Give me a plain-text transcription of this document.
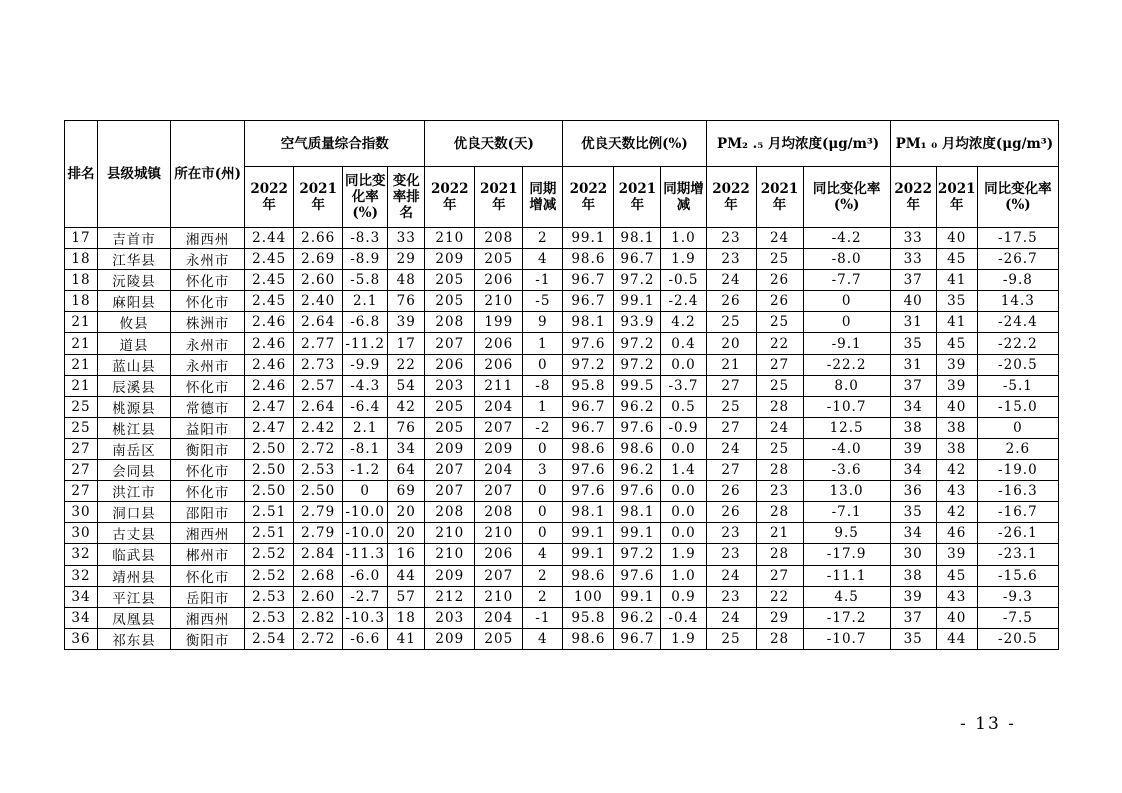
排名	县级城镇	所在市(州)	空气质量综合指数				优良天数(天)			优良天数比例(%)			PM₂ .₅ 月均浓度(μg/m³)			PM₁ ₀ 月均浓度(μg/m³)		
			2022年	2021年	同比变化率(%)	变化率排名	2022年	2021年	同期增减	2022年	2021年	同期增减	2022年	2021年	同比变化率(%)	2022年	2021年	同比变化率(%)
17	吉首市	湘西州	2.44	2.66	-8.3	33	210	208	2	99.1	98.1	1.0	23	24	-4.2	33	40	-17.5
18	江华县	永州市	2.45	2.69	-8.9	29	209	205	4	98.6	96.7	1.9	23	25	-8.0	33	45	-26.7
18	沅陵县	怀化市	2.45	2.60	-5.8	48	205	206	-1	96.7	97.2	-0.5	24	26	-7.7	37	41	-9.8
18	麻阳县	怀化市	2.45	2.40	2.1	76	205	210	-5	96.7	99.1	-2.4	26	26	0	40	35	14.3
21	攸县	株洲市	2.46	2.64	-6.8	39	208	199	9	98.1	93.9	4.2	25	25	0	31	41	-24.4
21	道县	永州市	2.46	2.77	-11.2	17	207	206	1	97.6	97.2	0.4	20	22	-9.1	35	45	-22.2
21	蓝山县	永州市	2.46	2.73	-9.9	22	206	206	0	97.2	97.2	0.0	21	27	-22.2	31	39	-20.5
21	辰溪县	怀化市	2.46	2.57	-4.3	54	203	211	-8	95.8	99.5	-3.7	27	25	8.0	37	39	-5.1
25	桃源县	常德市	2.47	2.64	-6.4	42	205	204	1	96.7	96.2	0.5	25	28	-10.7	34	40	-15.0
25	桃江县	益阳市	2.47	2.42	2.1	76	205	207	-2	96.7	97.6	-0.9	27	24	12.5	38	38	0
27	南岳区	衡阳市	2.50	2.72	-8.1	34	209	209	0	98.6	98.6	0.0	24	25	-4.0	39	38	2.6
27	会同县	怀化市	2.50	2.53	-1.2	64	207	204	3	97.6	96.2	1.4	27	28	-3.6	34	42	-19.0
27	洪江市	怀化市	2.50	2.50	0	69	207	207	0	97.6	97.6	0.0	26	23	13.0	36	43	-16.3
30	洞口县	邵阳市	2.51	2.79	-10.0	20	208	208	0	98.1	98.1	0.0	26	28	-7.1	35	42	-16.7
30	古丈县	湘西州	2.51	2.79	-10.0	20	210	210	0	99.1	99.1	0.0	23	21	9.5	34	46	-26.1
32	临武县	郴州市	2.52	2.84	-11.3	16	210	206	4	99.1	97.2	1.9	23	28	-17.9	30	39	-23.1
32	靖州县	怀化市	2.52	2.68	-6.0	44	209	207	2	98.6	97.6	1.0	24	27	-11.1	38	45	-15.6
34	平江县	岳阳市	2.53	2.60	-2.7	57	212	210	2	100	99.1	0.9	23	22	4.5	39	43	-9.3
34	凤凰县	湘西州	2.53	2.82	-10.3	18	203	204	-1	95.8	96.2	-0.4	24	29	-17.2	37	40	-7.5
36	祁东县	衡阳市	2.54	2.72	-6.6	41	209	205	4	98.6	96.7	1.9	25	28	-10.7	35	44	-20.5
- 13 -
